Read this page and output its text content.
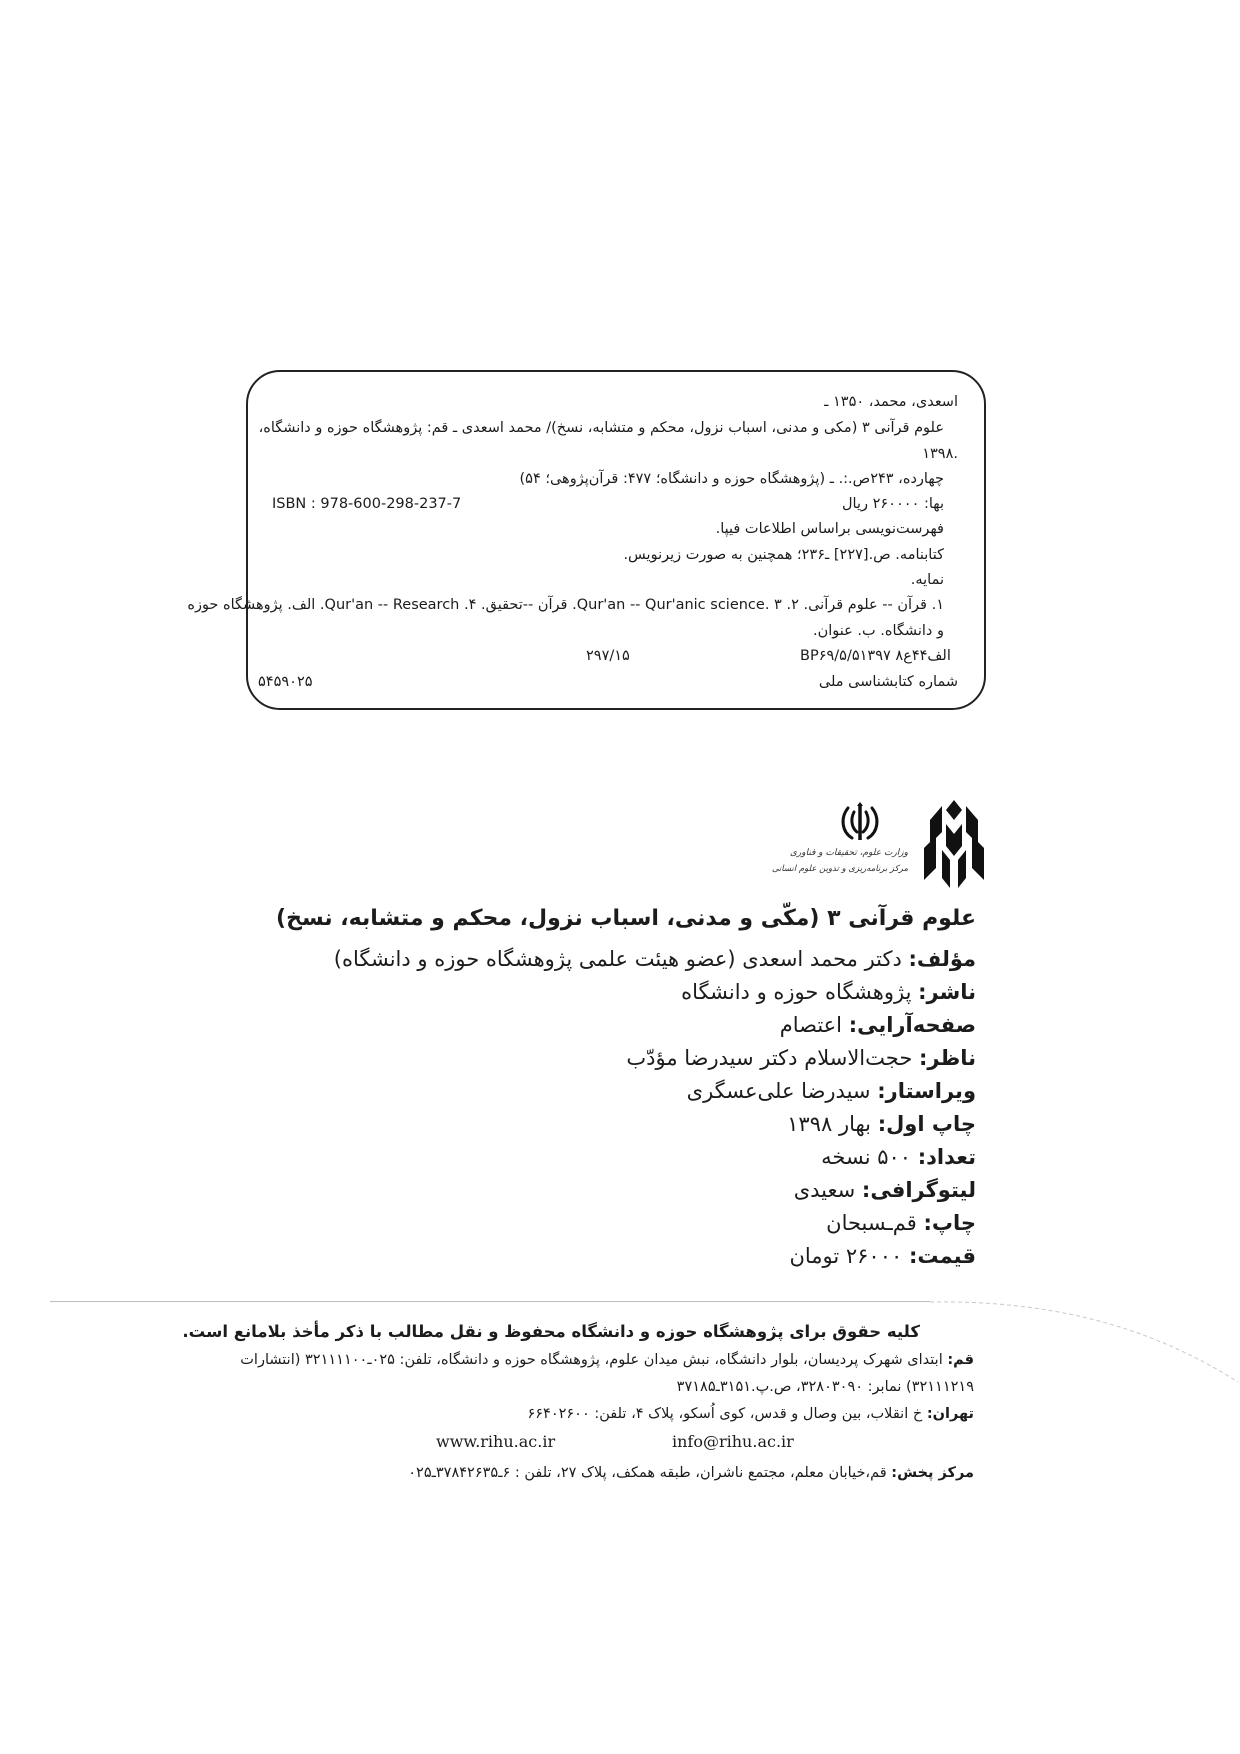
اسعدی، محمد، ۱۳۵۰ ـ
علوم قرآنی ۳ (مکی و مدنی، اسباب نزول، محکم و متشابه، نسخ)/ محمد اسعدی ـ قم: پژوهشگاه حوزه و دانشگاه،
۱۳۹۸.
چهارده، ۲۴۳ص.:. ـ (پژوهشگاه حوزه و دانشگاه؛ ۴۷۷: قرآن‌پژوهی؛ ۵۴)
بها: ۲۶۰۰۰۰ ریال
ISBN : 978-600-298-237-7
فهرست‌نویسی براساس اطلاعات فیپا.
کتابنامه. ص.[۲۲۷] ـ۲۳۶؛ همچنین به صورت زیرنویس.
نمایه.
۱. قرآن -- علوم قرآنی. ۲. Qur'an -- Qur'anic science. ۳. قرآن --تحقیق. ۴. Qur'an -- Research. الف. پژوهشگاه حوزه
و دانشگاه. ب. عنوان.
BP۶۹/۵/۵الف۴۴ع۸ ۱۳۹۷
۲۹۷/۱۵
شماره کتابشناسی ملی
۵۴۵۹۰۲۵
وزارت علوم، تحقیقات و فناوری
مرکز برنامه‌ریزی و تدوین علوم انسانی
علوم قرآنی ۳ (مکّی و مدنی، اسباب نزول، محکم و متشابه، نسخ)
مؤلف: دکتر محمد اسعدی (عضو هیئت علمی پژوهشگاه حوزه و دانشگاه)
ناشر: پژوهشگاه حوزه و دانشگاه
صفحه‌آرایی: اعتصام
ناظر: حجت‌الاسلام دکتر سیدرضا مؤدّب
ویراستار: سیدرضا علی‌عسگری
چاپ اول: بهار ۱۳۹۸
تعداد: ۵۰۰ نسخه
لیتوگرافی: سعیدی
چاپ: قم‌ـسبحان
قیمت: ۲۶۰۰۰ تومان
کلیه حقوق برای پژوهشگاه حوزه و دانشگاه محفوظ و نقل مطالب با ذکر مأخذ بلامانع است.
قم: ابتدای شهرک پردیسان، بلوار دانشگاه، نبش میدان علوم، پژوهشگاه حوزه و دانشگاه، تلفن: ۰۲۵ـ۳۲۱۱۱۱۰۰ (انتشارات
۳۲۱۱۱۲۱۹) نمابر: ۳۲۸۰۳۰۹۰، ص.پ.۳۱۵۱ـ۳۷۱۸۵
تهران: خ انقلاب، بین وصال و قدس، کوی اُسکو، پلاک ۴، تلفن: ۶۶۴۰۲۶۰۰
info@rihu.ac.ir
www.rihu.ac.ir
مرکز پخش: قم،خیابان معلم، مجتمع ناشران، طبقه همکف، پلاک ۲۷، تلفن : ۶ـ۳۷۸۴۲۶۳۵ـ۰۲۵
